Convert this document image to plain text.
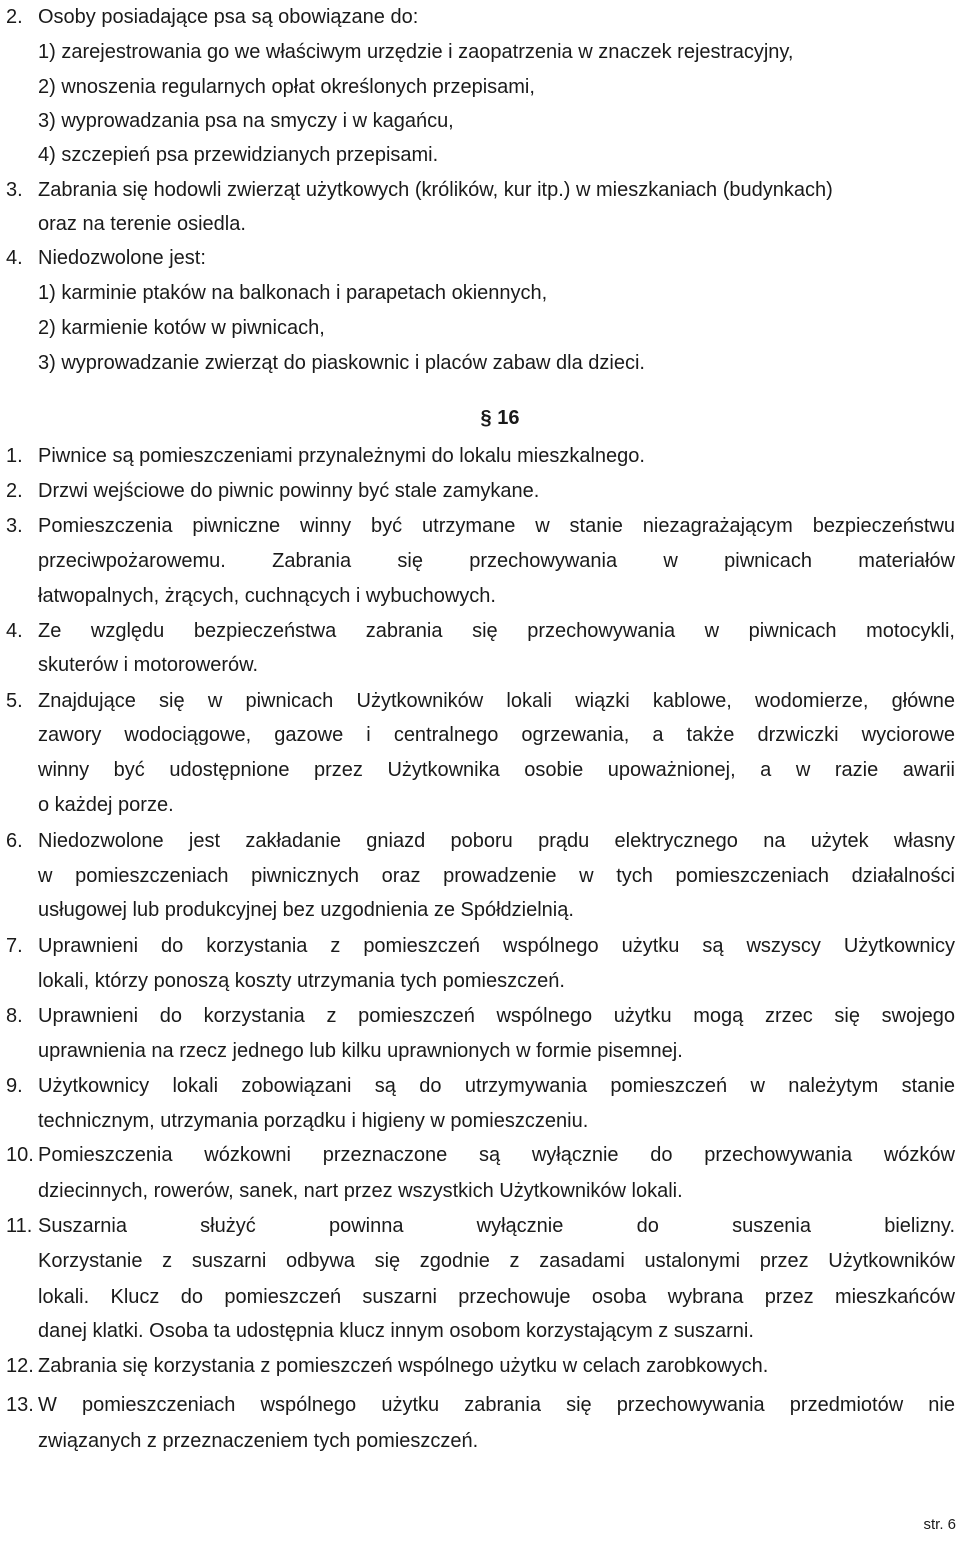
§ 16
str. 6
2. Osoby posiadające psa są obowiązane do:
1) zarejestrowania go we właściwym urzędzie i zaopatrzenia w znaczek rejestracyjny,
2) wnoszenia regularnych opłat określonych przepisami,
3) wyprowadzania psa na smyczy i w kagańcu,
4) szczepień psa przewidzianych przepisami.
3. Zabrania się hodowli zwierząt użytkowych (królików, kur itp.) w mieszkaniach (budynkach)
oraz na terenie osiedla.
4. Niedozwolone jest:
1) karminie ptaków na balkonach i parapetach okiennych,
2) karmienie kotów w piwnicach,
3) wyprowadzanie zwierząt do piaskownic i placów zabaw dla dzieci.
1. Piwnice są pomieszczeniami przynależnymi do lokalu mieszkalnego.
2. Drzwi wejściowe do piwnic powinny być stale zamykane.
3. Pomieszczenia piwniczne winny być utrzymane w stanie niezagrażającym bezpieczeństwu
przeciwpożarowemu. Zabrania się przechowywania w piwnicach materiałów
łatwopalnych, żrących, cuchnących i wybuchowych.
4. Ze względu bezpieczeństwa zabrania się przechowywania w piwnicach motocykli,
skuterów i motorowerów.
5. Znajdujące się w piwnicach Użytkowników lokali wiązki kablowe, wodomierze, główne
zawory wodociągowe, gazowe i centralnego ogrzewania, a także drzwiczki wyciorowe
winny być udostępnione przez Użytkownika osobie upoważnionej, a w razie awarii
o każdej porze.
6. Niedozwolone jest zakładanie gniazd poboru prądu elektrycznego na użytek własny
w pomieszczeniach piwnicznych oraz prowadzenie w tych pomieszczeniach działalności
usługowej lub produkcyjnej bez uzgodnienia ze Spółdzielnią.
7. Uprawnieni do korzystania z pomieszczeń wspólnego użytku są wszyscy Użytkownicy
lokali, którzy ponoszą koszty utrzymania tych pomieszczeń.
8. Uprawnieni do korzystania z pomieszczeń wspólnego użytku mogą zrzec się swojego
uprawnienia na rzecz jednego lub kilku uprawnionych w formie pisemnej.
9. Użytkownicy lokali zobowiązani są do utrzymywania pomieszczeń w należytym stanie
technicznym, utrzymania porządku i higieny w pomieszczeniu.
10. Pomieszczenia wózkowni przeznaczone są wyłącznie do przechowywania wózków
dziecinnych, rowerów, sanek, nart przez wszystkich Użytkowników lokali.
11. Suszarnia służyć powinna wyłącznie do suszenia bielizny.
Korzystanie z suszarni odbywa się zgodnie z zasadami ustalonymi przez Użytkowników
lokali. Klucz do pomieszczeń suszarni przechowuje osoba wybrana przez mieszkańców
danej klatki. Osoba ta udostępnia klucz innym osobom korzystającym z suszarni.
12. Zabrania się korzystania z pomieszczeń wspólnego użytku w celach zarobkowych.
13. W pomieszczeniach wspólnego użytku zabrania się przechowywania przedmiotów nie
związanych z przeznaczeniem tych pomieszczeń.
